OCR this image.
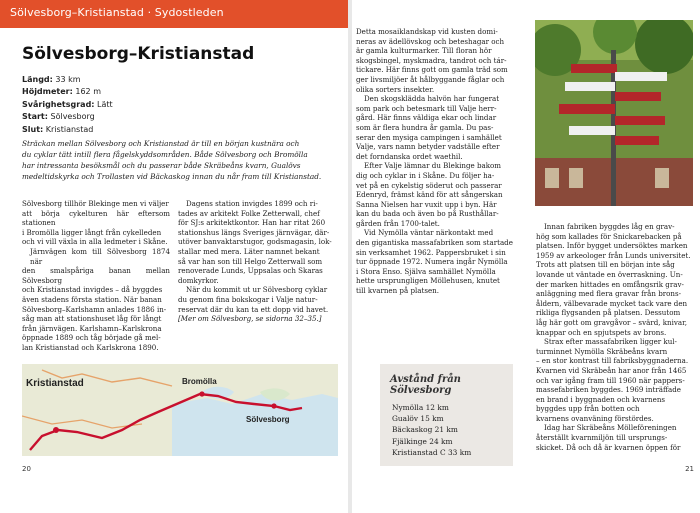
Sölvesborg–Kristianstad · Sydostleden
Sölvesborg–Kristianstad
Längd: 33 km
Höjdmeter: 162 m
Svårighetsgrad: Lätt
Start: Sölvesborg
Slut: Kristianstad
Sträckan mellan Sölvesborg och Kristianstad är till en början kustnära och
du cyklar tätt intill flera fågelskyddsområden. Både Sölvesborg och Bromölla
har intressanta besöksmål och du passerar både Skräbeåns kvarn, Gualövs
medeltidskyrka och Trollasten vid Bäckaskog innan du når fram till Kristianstad.
Sölvesborg tillhör Blekinge men vi väljer
att börja cykelturen här eftersom stationen
i Bromölla ligger långt från cykelleden
och vi vill växla in alla ledmeter i Skåne.
Järnvägen kom till Sölvesborg 1874 när
den smalspåriga banan mellan Sölvesborg
och Kristianstad invigdes – då byggdes
även stadens första station. När banan
Sölvesborg–Karlshamn anlades 1886 in-
såg man att stationshuset låg för långt
från järnvägen. Karlshamn–Karlskrona
öppnade 1889 och tåg började gå mel-
lan Kristianstad och Karlskrona 1890.
Dagens station invigdes 1899 och ri-
tades av arkitekt Folke Zetterwall, chef
för SJ:s arkitektkontor. Han har ritat 260
stationshus längs Sveriges järnvägar, där-
utöver banvaktarstugor, godsmagasin, lok-
stallar med mera. Läter namnet bekant
så var han son till Helgo Zetterwall som
renoverade Lunds, Uppsalas och Skaras
domkyrkor.
När du kommit ut ur Sölvesborg cyklar
du genom fina bokskogar i Valje natur-
reservat där du kan ta ett dopp vid havet.
[Mer om Sölvesborg, se sidorna 32–35.]
Kristianstad	Bromölla
Sölvesborg
20
Detta mosaiklandskap vid kusten domi-
neras av ädellövskog och beteshagar och
är gamla kulturmarker. Till floran hör
skogsbingel, myskmadra, tandrot och tár-
tickare. Här finns gott om gamla träd som
ger livsmiljöer åt hålbyggande fåglar och
olika sorters insekter.
Den skogsklädda halvön har fungerat
som park och betesmark till Valje herr-
gård. Här finns väldiga ekar och lindar
som är flera hundra år gamla. Du pas-
serar den mysiga campingen i samhället
Valje, vars namn betyder vadställe efter
det forndanska ordet waethil.
Efter Valje lämnar du Blekinge bakom
dig och cyklar in i Skåne. Du följer ha-
vet på en cykelstig söderut och passerar
Edenryd, främst känd för att sångerskan
Sanna Nielsen har vuxit upp i byn. Här
kan du bada och även bo på Rusthållar-
gården från 1700-talet.
Vid Nymölla väntar närkontakt med
den gigantiska massafabriken som startade
sin verksamhet 1962. Pappersbruket i sin
tur öppnade 1972. Numera ingår Nymölla
i Stora Enso. Själva samhället Nymölla
hette ursprungligen Möllehusen, knutet
till kvarnen på platsen.
Innan fabriken byggdes låg en grav-
hög som kallades för Snickarebacken på
platsen. Inför bygget undersöktes marken
1959 av arkeologer från Lunds universitet.
Trots att platsen till en början inte såg
lovande ut väntade en överraskning. Un-
der marken hittades en omfångsrik grav-
anläggning med flera gravar från brons-
åldern, välbevarade mycket tack vare den
rikliga flygsanden på platsen. Dessutom
låg här gott om gravgåvor – svärd, knivar,
knappar och en spjutspets av brons.
Strax efter massafabriken ligger kul-
turminnet Nymölla Skräbeåns kvarn
– en stor kontrast till fabriksbyggnaderna.
Kvarnen vid Skräbeån har anor från 1465
och var igång fram till 1960 när pappers-
massefabriken byggdes. 1969 inträffade
en brand i byggnaden och kvarnens
byggdes upp från botten och
kvarnens ovanväning förstördes.
Idag har Skräbeåns Mölleföreningen
återställt kvarnmiljön till ursprungs-
skicket. Då och då är kvarnen öppen för
Avstånd från Sölvesborg
Nymölla 12 km
Gualöv 15 km
Bäckaskog 21 km
Fjälkinge 24 km
Kristianstad C 33 km
21
